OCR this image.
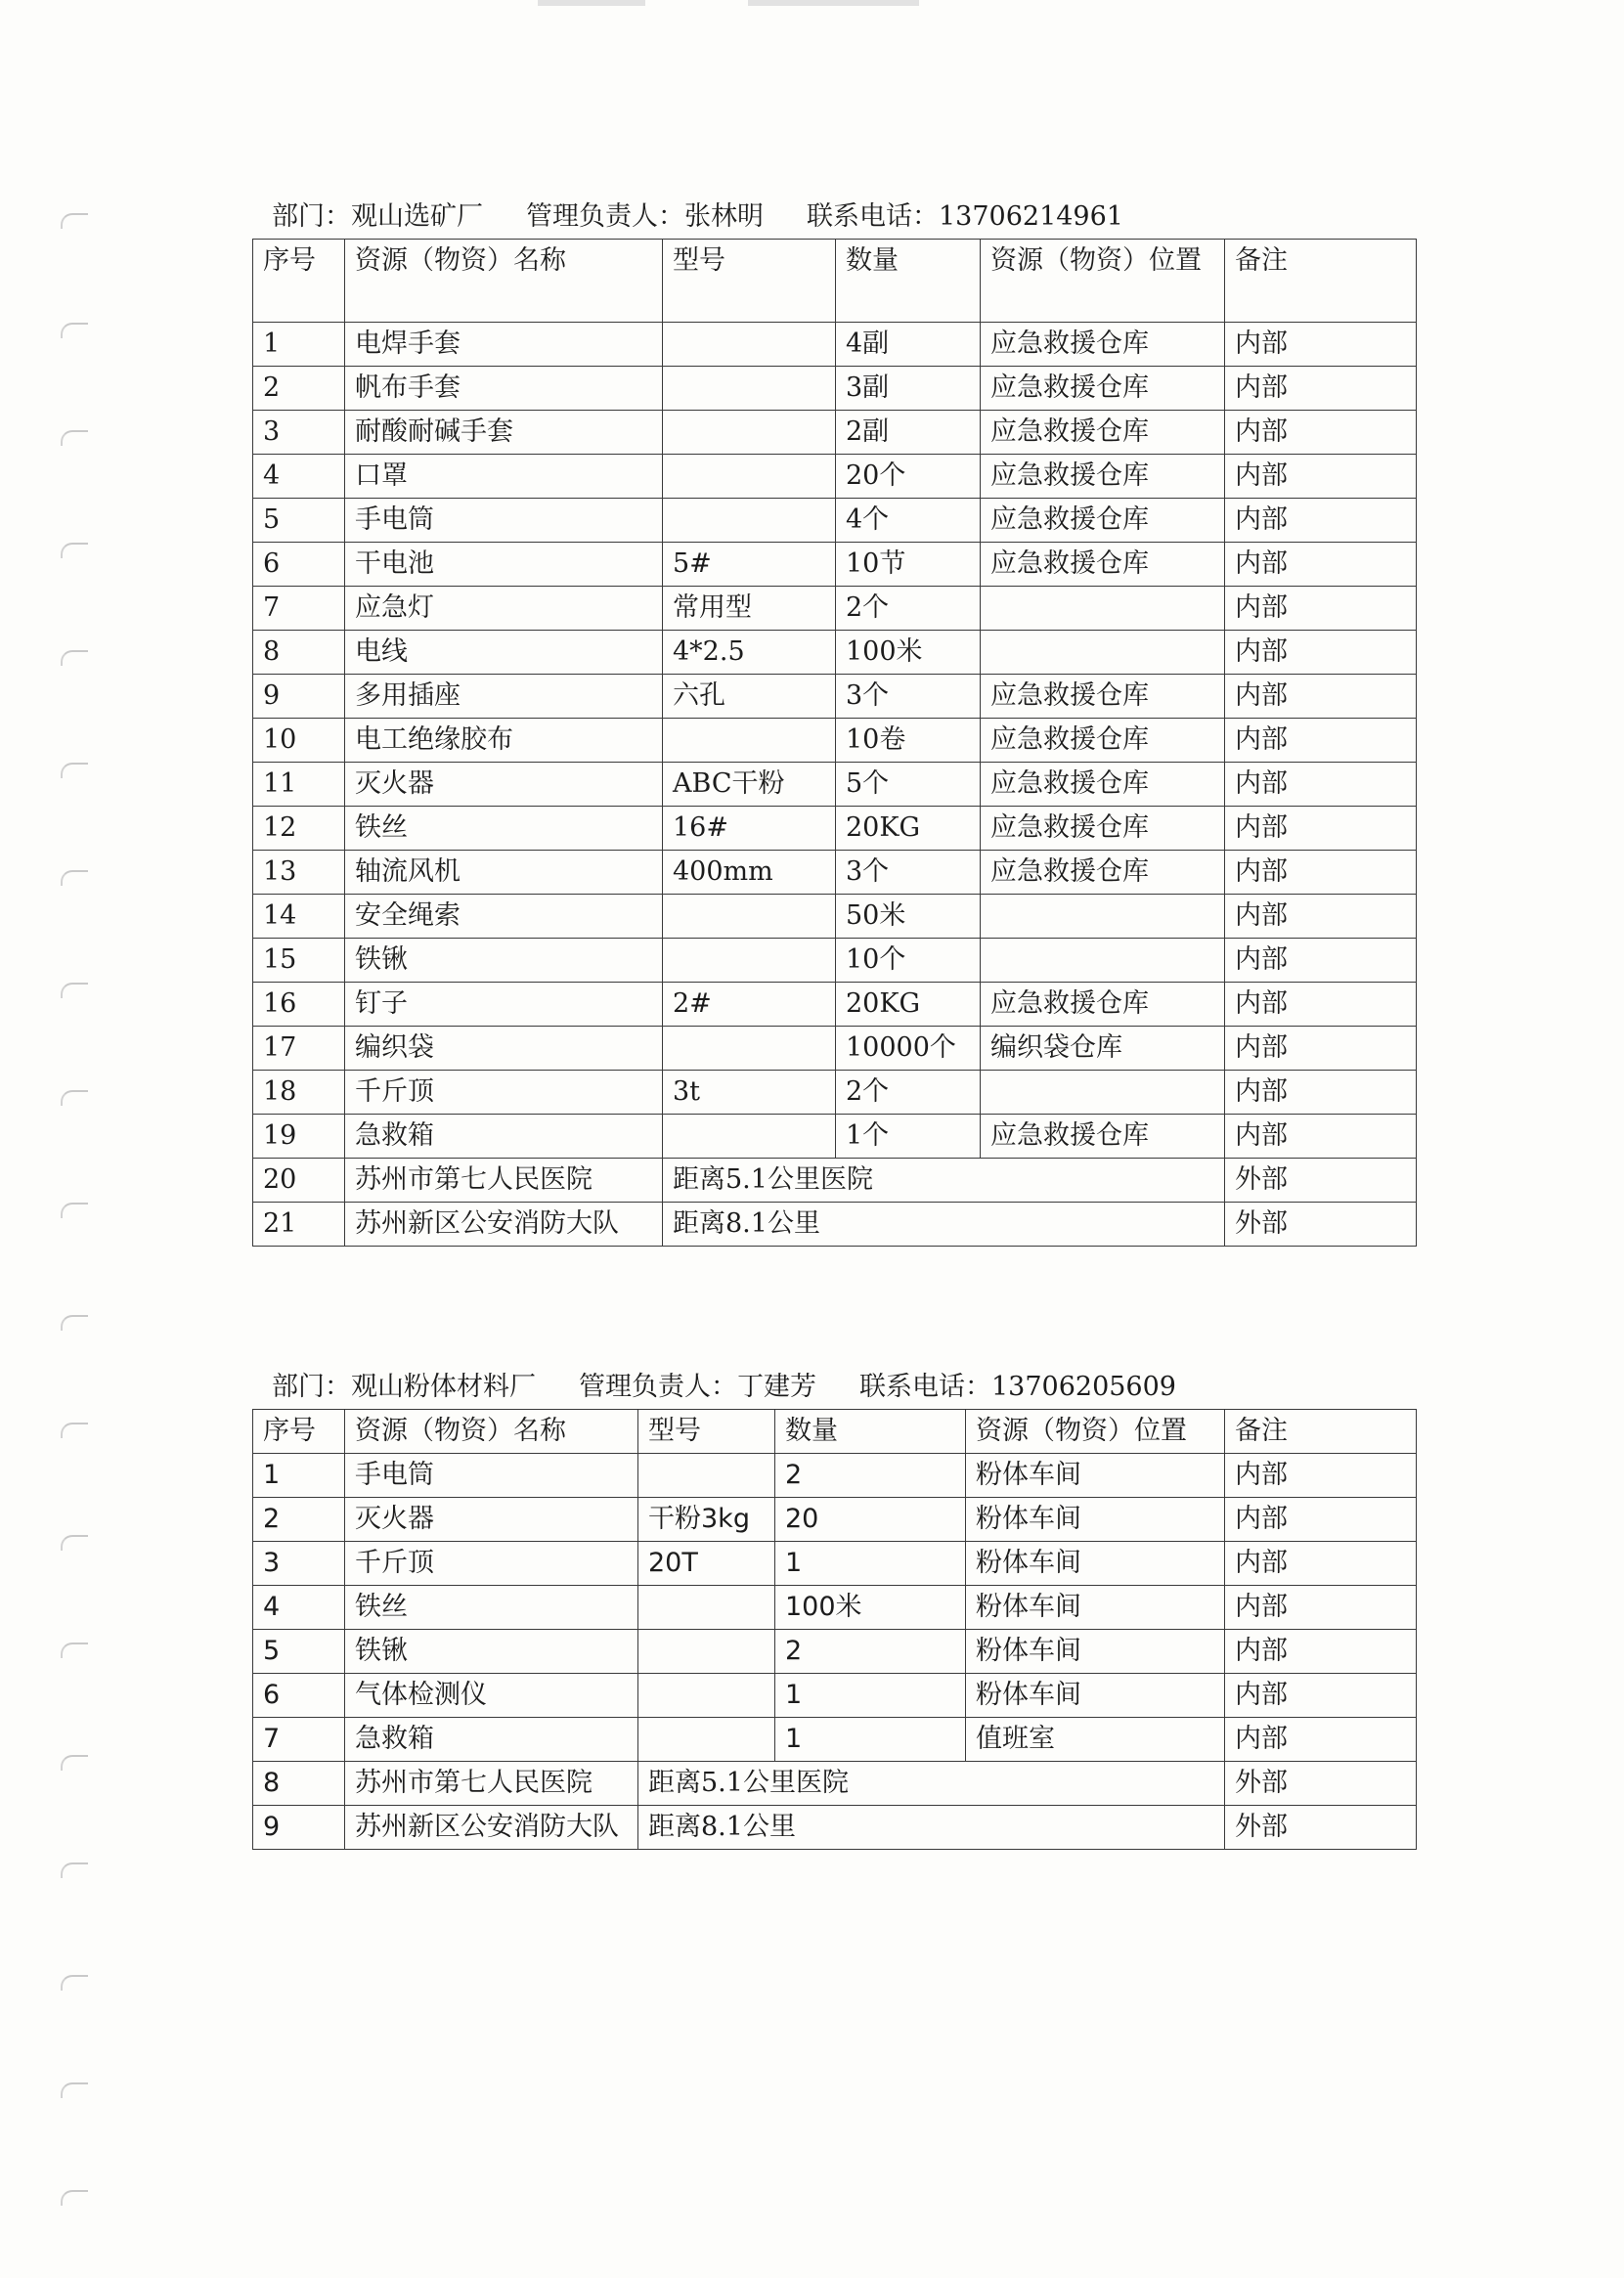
部门：观山选矿厂 管理负责人：张林明 联系电话：13706214961
序号	资源（物资）名称	型号	数量	资源（物资）位置	备注
1	电焊手套		4副	应急救援仓库	内部
2	帆布手套		3副	应急救援仓库	内部
3	耐酸耐碱手套		2副	应急救援仓库	内部
4	口罩		20个	应急救援仓库	内部
5	手电筒		4个	应急救援仓库	内部
6	干电池	5#	10节	应急救援仓库	内部
7	应急灯	常用型	2个		内部
8	电线	4*2.5	100米		内部
9	多用插座	六孔	3个	应急救援仓库	内部
10	电工绝缘胶布		10卷	应急救援仓库	内部
11	灭火器	ABC干粉	5个	应急救援仓库	内部
12	铁丝	16#	20KG	应急救援仓库	内部
13	轴流风机	400mm	3个	应急救援仓库	内部
14	安全绳索		50米		内部
15	铁锹		10个		内部
16	钉子	2#	20KG	应急救援仓库	内部
17	编织袋		10000个	编织袋仓库	内部
18	千斤顶	3t	2个		内部
19	急救箱		1个	应急救援仓库	内部
20	苏州市第七人民医院	距离5.1公里医院			外部
21	苏州新区公安消防大队	距离8.1公里			外部
部门：观山粉体材料厂 管理负责人：丁建芳 联系电话：13706205609
序号	资源（物资）名称	型号	数量	资源（物资）位置	备注
1	手电筒		2	粉体车间	内部
2	灭火器	干粉3kg	20	粉体车间	内部
3	千斤顶	20T	1	粉体车间	内部
4	铁丝		100米	粉体车间	内部
5	铁锹		2	粉体车间	内部
6	气体检测仪		1	粉体车间	内部
7	急救箱		1	值班室	内部
8	苏州市第七人民医院	距离5.1公里医院			外部
9	苏州新区公安消防大队	距离8.1公里			外部
